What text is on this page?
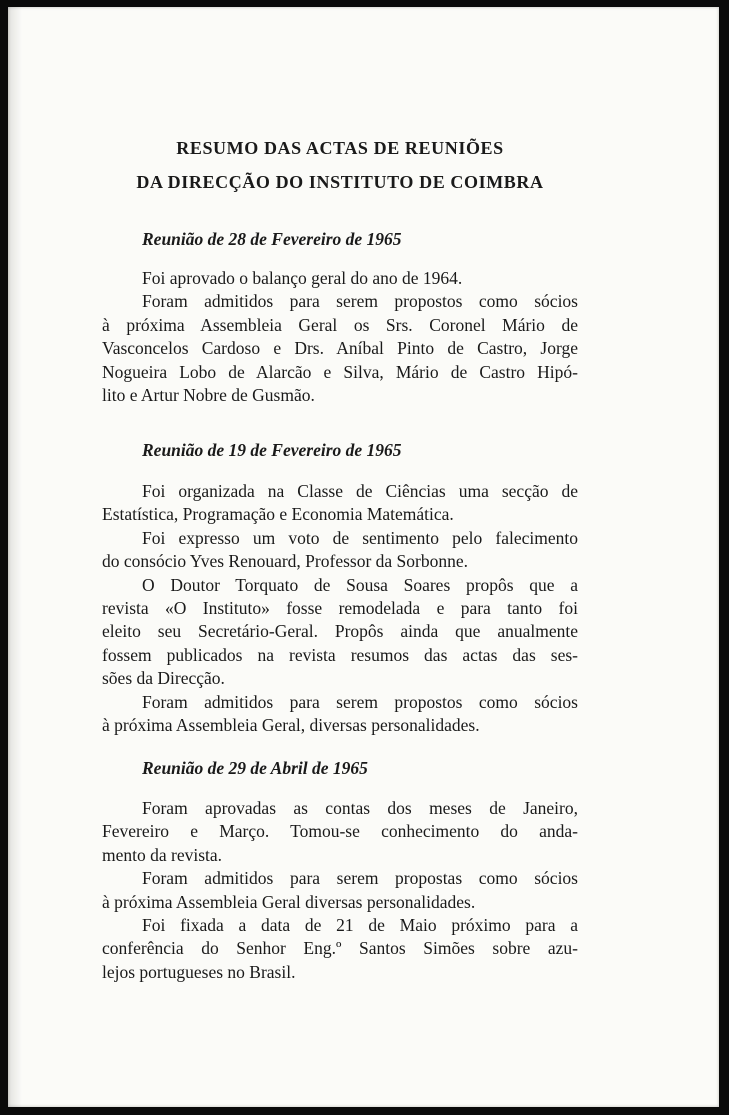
RESUMO DAS ACTAS DE REUNIÕES
DA DIRECÇÃO DO INSTITUTO DE COIMBRA
Reunião de 28 de Fevereiro de 1965

Foi aprovado o balanço geral do ano de 1964.

Foram admitidos para serem propostos como sócios
à próxima Assembleia Geral os Srs. Coronel Mário de
Vasconcelos Cardoso e Drs. Aníbal Pinto de Castro, Jorge
Nogueira Lobo de Alarcão e Silva, Mário de Castro Hipó-
lito e Artur Nobre de Gusmão.

Reunião de 19 de Fevereiro de 1965

Foi organizada na Classe de Ciências uma secção de
Estatística, Programação e Economia Matemática.

Foi expresso um voto de sentimento pelo falecimento
do consócio Yves Renouard, Professor da Sorbonne.

O Doutor Torquato de Sousa Soares propôs que a
revista «O Instituto» fosse remodelada e para tanto foi
eleito seu Secretário-Geral. Propôs ainda que anualmente
fossem publicados na revista resumos das actas das ses-
sões da Direcção.

Foram admitidos para serem propostos como sócios
à próxima Assembleia Geral, diversas personalidades.

Reunião de 29 de Abril de 1965

Foram aprovadas as contas dos meses de Janeiro,
Fevereiro e Março. Tomou-se conhecimento do anda-
mento da revista.

Foram admitidos para serem propostas como sócios
à próxima Assembleia Geral diversas personalidades.

Foi fixada a data de 21 de Maio próximo para a
conferência do Senhor Eng.º Santos Simões sobre azu-
lejos portugueses no Brasil.
